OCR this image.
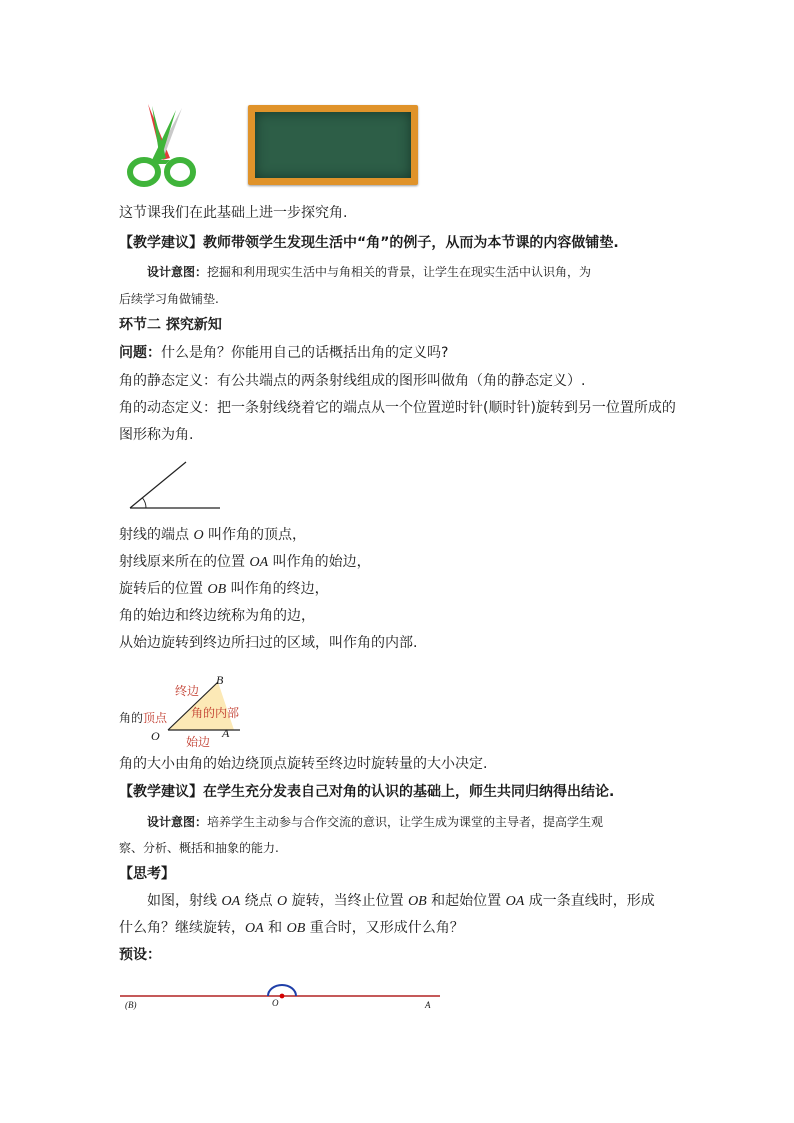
这节课我们在此基础上进一步探究角.
【教学建议】教师带领学生发现生活中“角”的例子，从而为本节课的内容做铺垫.
设计意图：挖掘和利用现实生活中与角相关的背景，让学生在现实生活中认识角，为
后续学习角做铺垫.
环节二 探究新知
问题：什么是角？你能用自己的话概括出角的定义吗?
角的静态定义：有公共端点的两条射线组成的图形叫做角（角的静态定义）.
角的动态定义：把一条射线绕着它的端点从一个位置逆时针(顺时针)旋转到另一位置所成的
图形称为角.
射线的端点 O 叫作角的顶点，
射线原来所在的位置 OA 叫作角的始边，
旋转后的位置 OB 叫作角的终边，
角的始边和终边统称为角的边，
从始边旋转到终边所扫过的区域，叫作角的内部.
终边
B
角的顶点 角的内部
O	A
始边
角的大小由角的始边绕顶点旋转至终边时旋转量的大小决定.
【教学建议】在学生充分发表自己对角的认识的基础上，师生共同归纳得出结论.
设计意图：培养学生主动参与合作交流的意识，让学生成为课堂的主导者，提高学生观
察、分析、概括和抽象的能力.
【思考】
如图，射线 OA 绕点 O 旋转，当终止位置 OB 和起始位置 OA 成一条直线时，形成
什么角？继续旋转，OA 和 OB 重合时，又形成什么角？
预设：
(B)	O	A
